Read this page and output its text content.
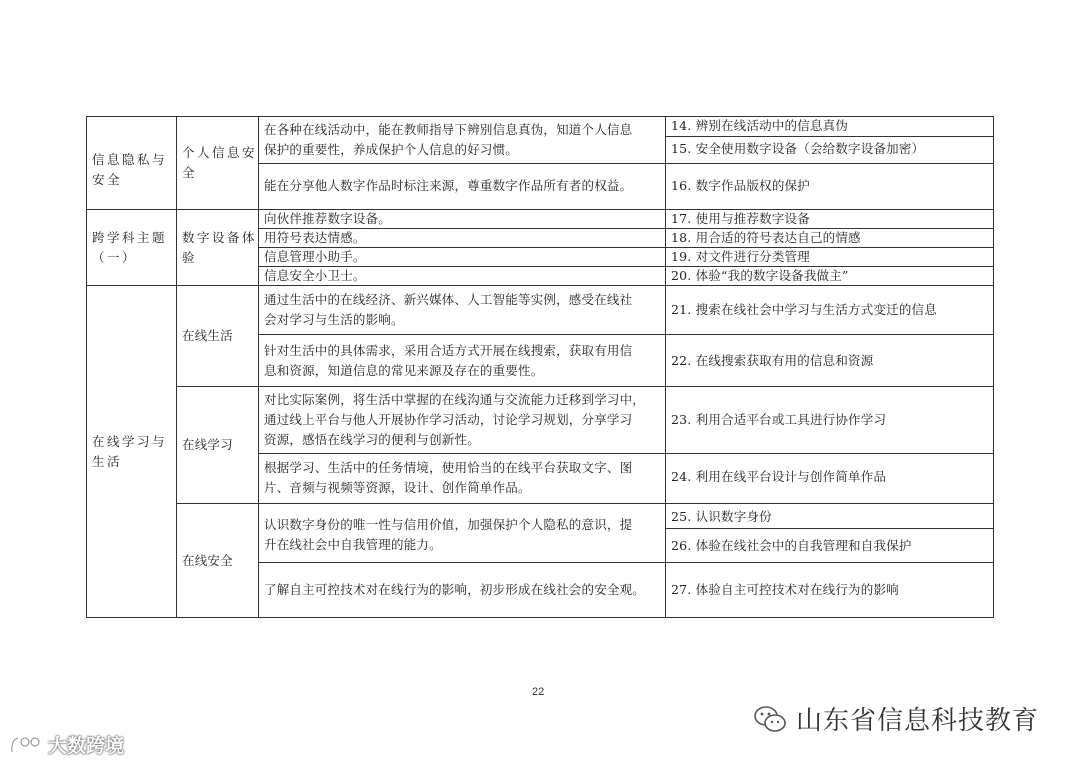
信息隐私与
安全
个人信息安
全
在各种在线活动中，能在教师指导下辨别信息真伪，知道个人信息
保护的重要性，养成保护个人信息的好习惯。
能在分享他人数字作品时标注来源，尊重数字作品所有者的权益。
14. 辨别在线活动中的信息真伪
15. 安全使用数字设备（会给数字设备加密）
16. 数字作品版权的保护
跨学科主题
（一）
数字设备体
验
向伙伴推荐数字设备。
用符号表达情感。
信息管理小助手。
信息安全小卫士。
17. 使用与推荐数字设备
18. 用合适的符号表达自己的情感
19. 对文件进行分类管理
20. 体验“我的数字设备我做主”
在线学习与
生活
在线生活
通过生活中的在线经济、新兴媒体、人工智能等实例，感受在线社
会对学习与生活的影响。
针对生活中的具体需求，采用合适方式开展在线搜索，获取有用信
息和资源，知道信息的常见来源及存在的重要性。
21. 搜索在线社会中学习与生活方式变迁的信息
22. 在线搜索获取有用的信息和资源
在线学习
对比实际案例，将生活中掌握的在线沟通与交流能力迁移到学习中，
通过线上平台与他人开展协作学习活动，讨论学习规划，分享学习
资源，感悟在线学习的便利与创新性。
根据学习、生活中的任务情境，使用恰当的在线平台获取文字、图
片、音频与视频等资源，设计、创作简单作品。
23. 利用合适平台或工具进行协作学习
24. 利用在线平台设计与创作简单作品
在线安全
认识数字身份的唯一性与信用价值，加强保护个人隐私的意识，提
升在线社会中自我管理的能力。
了解自主可控技术对在线行为的影响，初步形成在线社会的安全观。
25. 认识数字身份
26. 体验在线社会中的自我管理和自我保护
27. 体验自主可控技术对在线行为的影响
22
大数跨境
山东省信息科技教育
